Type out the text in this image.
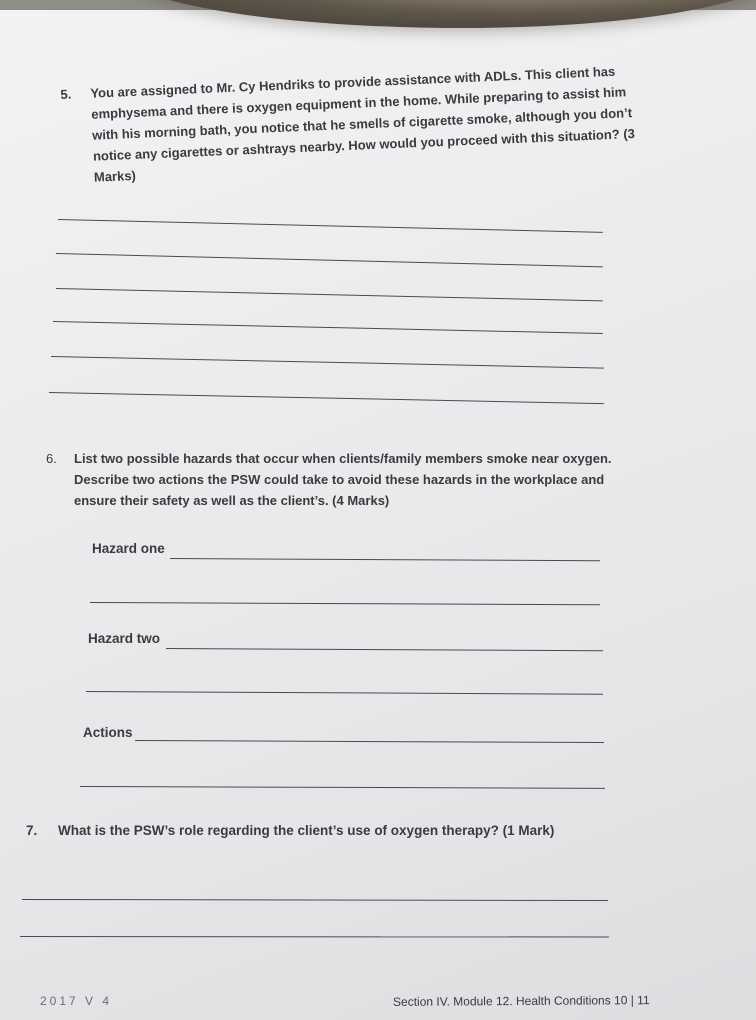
5. You are assigned to Mr. Cy Hendriks to provide assistance with ADLs. This client has emphysema and there is oxygen equipment in the home. While preparing to assist him with his morning bath, you notice that he smells of cigarette smoke, although you don’t notice any cigarettes or ashtrays nearby. How would you proceed with this situation? (3 Marks)
6. List two possible hazards that occur when clients/family members smoke near oxygen. Describe two actions the PSW could take to avoid these hazards in the workplace and ensure their safety as well as the client’s. (4 Marks)
Hazard one
Hazard two
Actions
7. What is the PSW’s role regarding the client’s use of oxygen therapy? (1 Mark)
2017 V 4	Section IV. Module 12. Health Conditions 10 | 11
